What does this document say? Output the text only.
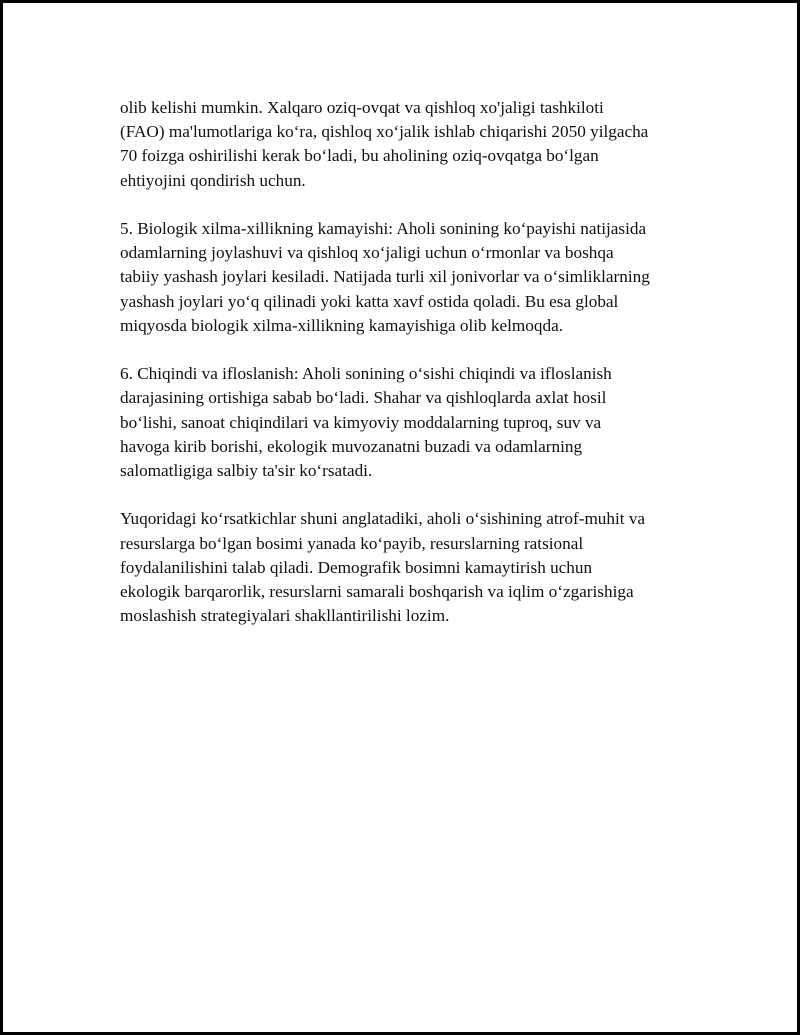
olib kelishi mumkin. Xalqaro oziq-ovqat va qishloq xo'jaligi tashkiloti
(FAO) ma'lumotlariga koʻra, qishloq xoʻjalik ishlab chiqarishi 2050 yilgacha
70 foizga oshirilishi kerak boʻladi, bu aholining oziq-ovqatga boʻlgan
ehtiyojini qondirish uchun.

5. Biologik xilma-xillikning kamayishi: Aholi sonining koʻpayishi natijasida
odamlarning joylashuvi va qishloq xoʻjaligi uchun oʻrmonlar va boshqa
tabiiy yashash joylari kesiladi. Natijada turli xil jonivorlar va oʻsimliklarning
yashash joylari yoʻq qilinadi yoki katta xavf ostida qoladi. Bu esa global
miqyosda biologik xilma-xillikning kamayishiga olib kelmoqda.

6. Chiqindi va ifloslanish: Aholi sonining oʻsishi chiqindi va ifloslanish
darajasining ortishiga sabab boʻladi. Shahar va qishloqlarda axlat hosil
boʻlishi, sanoat chiqindilari va kimyoviy moddalarning tuproq, suv va
havoga kirib borishi, ekologik muvozanatni buzadi va odamlarning
salomatligiga salbiy ta'sir koʻrsatadi.

Yuqoridagi koʻrsatkichlar shuni anglatadiki, aholi oʻsishining atrof-muhit va
resurslarga boʻlgan bosimi yanada koʻpayib, resurslarning ratsional
foydalanilishini talab qiladi. Demografik bosimni kamaytirish uchun
ekologik barqarorlik, resurslarni samarali boshqarish va iqlim oʻzgarishiga
moslashish strategiyalari shakllantirilishi lozim.
